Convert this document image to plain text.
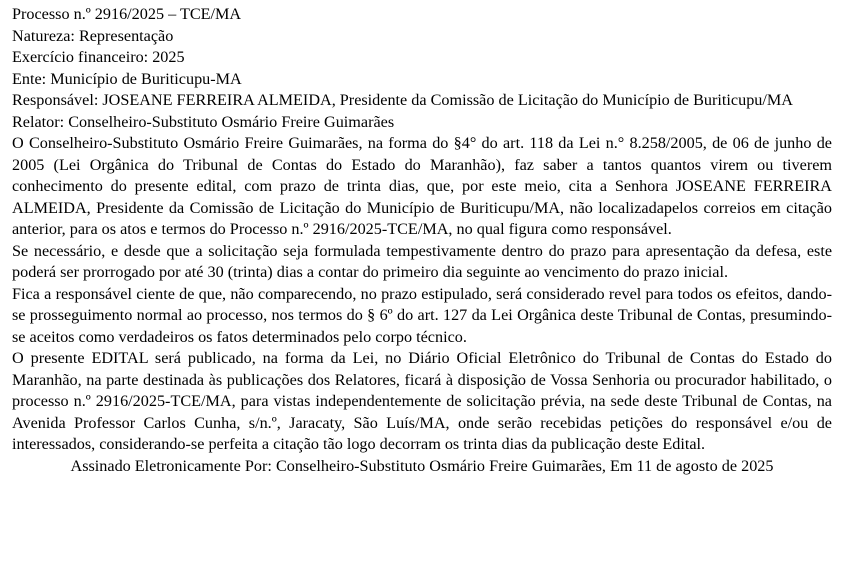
Processo n.º 2916/2025 – TCE/MA

Natureza: Representação

Exercício financeiro: 2025

Ente: Município de Buriticupu-MA

Responsável: JOSEANE FERREIRA ALMEIDA, Presidente da Comissão de Licitação do Município de Buriticupu/MA

Relator: Conselheiro-Substituto Osmário Freire Guimarães

O Conselheiro-Substituto Osmário Freire Guimarães, na forma do §4° do art. 118 da Lei n.° 8.258/2005, de 06 de junho de 2005 (Lei Orgânica do Tribunal de Contas do Estado do Maranhão), faz saber a tantos quantos virem ou tiverem conhecimento do presente edital, com prazo de trinta dias, que, por este meio, cita a Senhora JOSEANE FERREIRA ALMEIDA, Presidente da Comissão de Licitação do Município de Buriticupu/MA, não localizadapelos correios em citação anterior, para os atos e termos do Processo n.º 2916/2025-TCE/MA, no qual figura como responsável.

Se necessário, e desde que a solicitação seja formulada tempestivamente dentro do prazo para apresentação da defesa, este poderá ser prorrogado por até 30 (trinta) dias a contar do primeiro dia seguinte ao vencimento do prazo inicial.

Fica a responsável ciente de que, não comparecendo, no prazo estipulado, será considerado revel para todos os efeitos, dando-se prosseguimento normal ao processo, nos termos do § 6º do art. 127 da Lei Orgânica deste Tribunal de Contas, presumindo-se aceitos como verdadeiros os fatos determinados pelo corpo técnico.

O presente EDITAL será publicado, na forma da Lei, no Diário Oficial Eletrônico do Tribunal de Contas do Estado do Maranhão, na parte destinada às publicações dos Relatores, ficará à disposição de Vossa Senhoria ou procurador habilitado, o processo n.º 2916/2025-TCE/MA, para vistas independentemente de solicitação prévia, na sede deste Tribunal de Contas, na Avenida Professor Carlos Cunha, s/n.º, Jaracaty, São Luís/MA, onde serão recebidas petições do responsável e/ou de interessados, considerando-se perfeita a citação tão logo decorram os trinta dias da publicação deste Edital.

Assinado Eletronicamente Por: Conselheiro-Substituto Osmário Freire Guimarães, Em 11 de agosto de 2025
